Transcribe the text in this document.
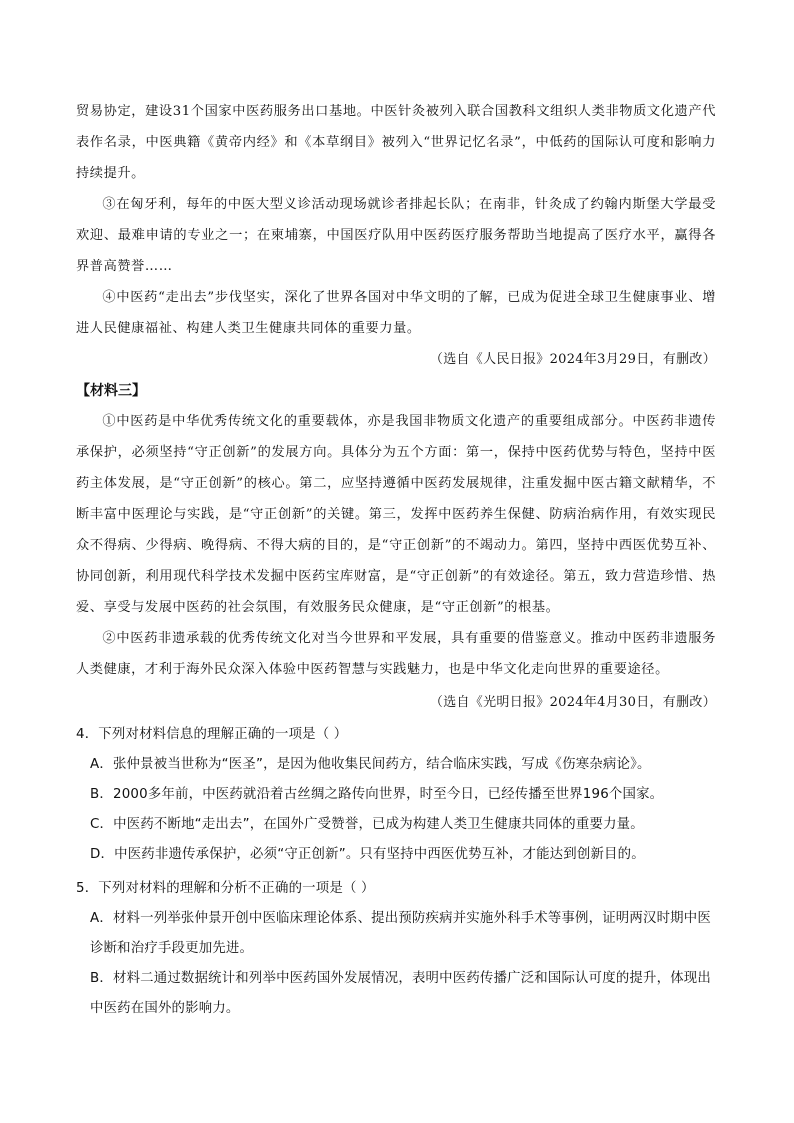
贸易协定，建设31个国家中医药服务出口基地。中医针灸被列入联合国教科文组织人类非物质文化遗产代表作名录，中医典籍《黄帝内经》和《本草纲目》被列入“世界记忆名录”，中低药的国际认可度和影响力持续提升。

③在匈牙利，每年的中医大型义诊活动现场就诊者排起长队；在南非，针灸成了约翰内斯堡大学最受欢迎、最难申请的专业之一；在柬埔寨，中国医疗队用中医药医疗服务帮助当地提高了医疗水平，赢得各界普高赞誉……

④中医药“走出去”步伐坚实，深化了世界各国对中华文明的了解，已成为促进全球卫生健康事业、增进人民健康福祉、构建人类卫生健康共同体的重要力量。

（选自《人民日报》2024年3月29日，有删改）
【材料三】

①中医药是中华优秀传统文化的重要载体，亦是我国非物质文化遗产的重要组成部分。中医药非遗传承保护，必须坚持“守正创新”的发展方向。具体分为五个方面：第一，保持中医药优势与特色，坚持中医药主体发展，是“守正创新”的核心。第二，应坚持遵循中医药发展规律，注重发掘中医古籍文献精华，不断丰富中医理论与实践，是“守正创新”的关键。第三，发挥中医药养生保健、防病治病作用，有效实现民众不得病、少得病、晚得病、不得大病的目的，是“守正创新”的不竭动力。第四，坚持中西医优势互补、协同创新，利用现代科学技术发掘中医药宝库财富，是“守正创新”的有效途径。第五，致力营造珍惜、热爱、享受与发展中医药的社会氛围，有效服务民众健康，是“守正创新”的根基。

②中医药非遗承载的优秀传统文化对当今世界和平发展，具有重要的借鉴意义。推动中医药非遗服务人类健康，才利于海外民众深入体验中医药智慧与实践魅力，也是中华文化走向世界的重要途径。

（选自《光明日报》2024年4月30日，有删改）

4．下列对材料信息的理解正确的一项是（ ）

A．张仲景被当世称为“医圣”，是因为他收集民间药方，结合临床实践，写成《伤寒杂病论》。

B．2000多年前，中医药就沿着古丝绸之路传向世界，时至今日，已经传播至世界196个国家。

C．中医药不断地“走出去”，在国外广受赞誉，已成为构建人类卫生健康共同体的重要力量。

D．中医药非遗传承保护，必须“守正创新”。只有坚持中西医优势互补，才能达到创新目的。

5．下列对材料的理解和分析不正确的一项是（ ）

A．材料一列举张仲景开创中医临床理论体系、提出预防疾病并实施外科手术等事例，证明两汉时期中医诊断和治疗手段更加先进。

B．材料二通过数据统计和列举中医药国外发展情况，表明中医药传播广泛和国际认可度的提升，体现出中医药在国外的影响力。
